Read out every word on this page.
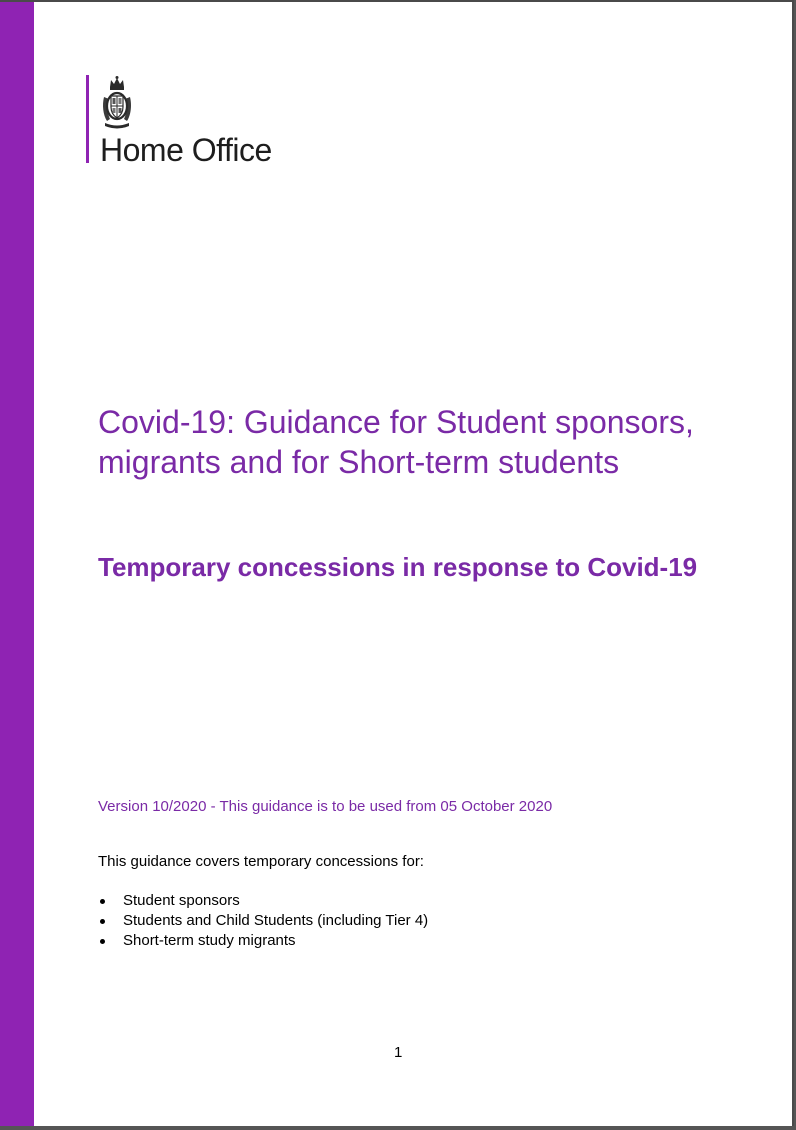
Home Office
Covid-19: Guidance for Student sponsors, migrants and for Short-term students
Temporary concessions in response to Covid-19
Version 10/2020 - This guidance is to be used from 05 October 2020
This guidance covers temporary concessions for:
Student sponsors
Students and Child Students (including Tier 4)
Short-term study migrants
1
